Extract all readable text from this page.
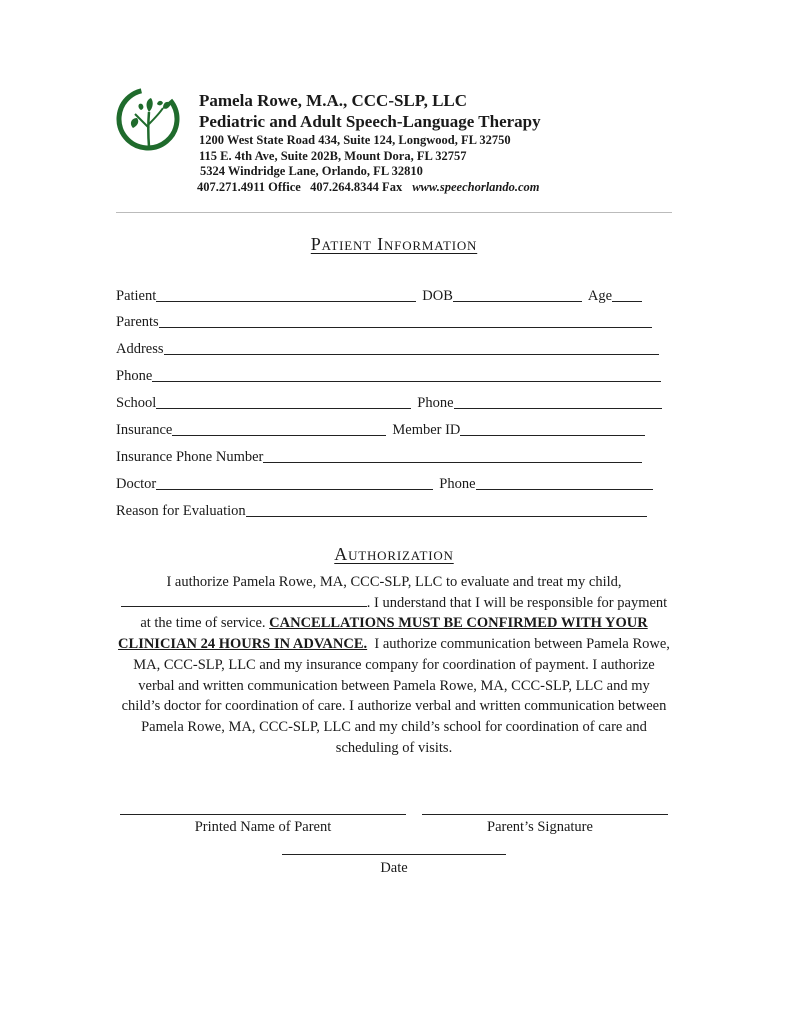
Pamela Rowe, M.A., CCC-SLP, LLC
Pediatric and Adult Speech-Language Therapy
1200 West State Road 434, Suite 124, Longwood, FL 32750
115 E. 4th Ave, Suite 202B, Mount Dora, FL 32757
5324 Windridge Lane, Orlando, FL 32810
407.271.4911 Office   407.264.8344 Fax www.speechorlando.com
Patient Information
Patient	DOB	Age
Parents
Address
Phone
School	Phone
Insurance	Member ID
Insurance Phone Number
Doctor	Phone
Reason for Evaluation
Authorization
I authorize Pamela Rowe, MA, CCC-SLP, LLC to evaluate and treat my child, . I understand that I will be responsible for payment at the time of service. CANCELLATIONS MUST BE CONFIRMED WITH YOUR CLINICIAN 24 HOURS IN ADVANCE.  I authorize communication between Pamela Rowe, MA, CCC-SLP, LLC and my insurance company for coordination of payment. I authorize verbal and written communication between Pamela Rowe, MA, CCC-SLP, LLC and my child’s doctor for coordination of care. I authorize verbal and written communication between Pamela Rowe, MA, CCC-SLP, LLC and my child’s school for coordination of care and scheduling of visits.
Printed Name of Parent	Parent’s Signature
Date
